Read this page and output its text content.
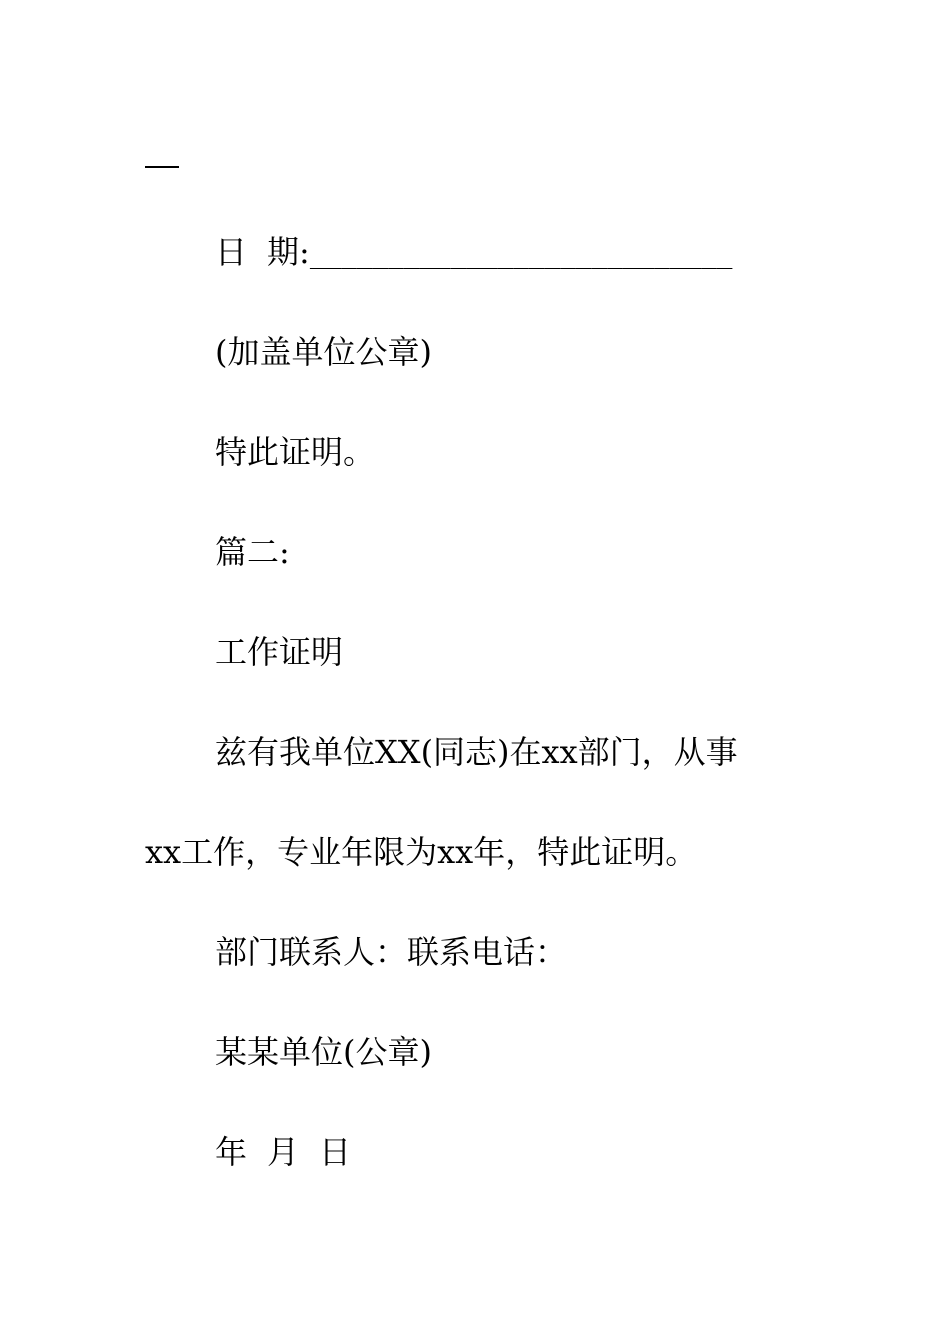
日 期:___________________________
(加盖单位公章)
特此证明。
篇二:
工作证明
兹有我单位XX(同志)在xx部门，从事
xx工作，专业年限为xx年，特此证明。
部门联系人：联系电话：
某某单位(公章)
年 月 日
